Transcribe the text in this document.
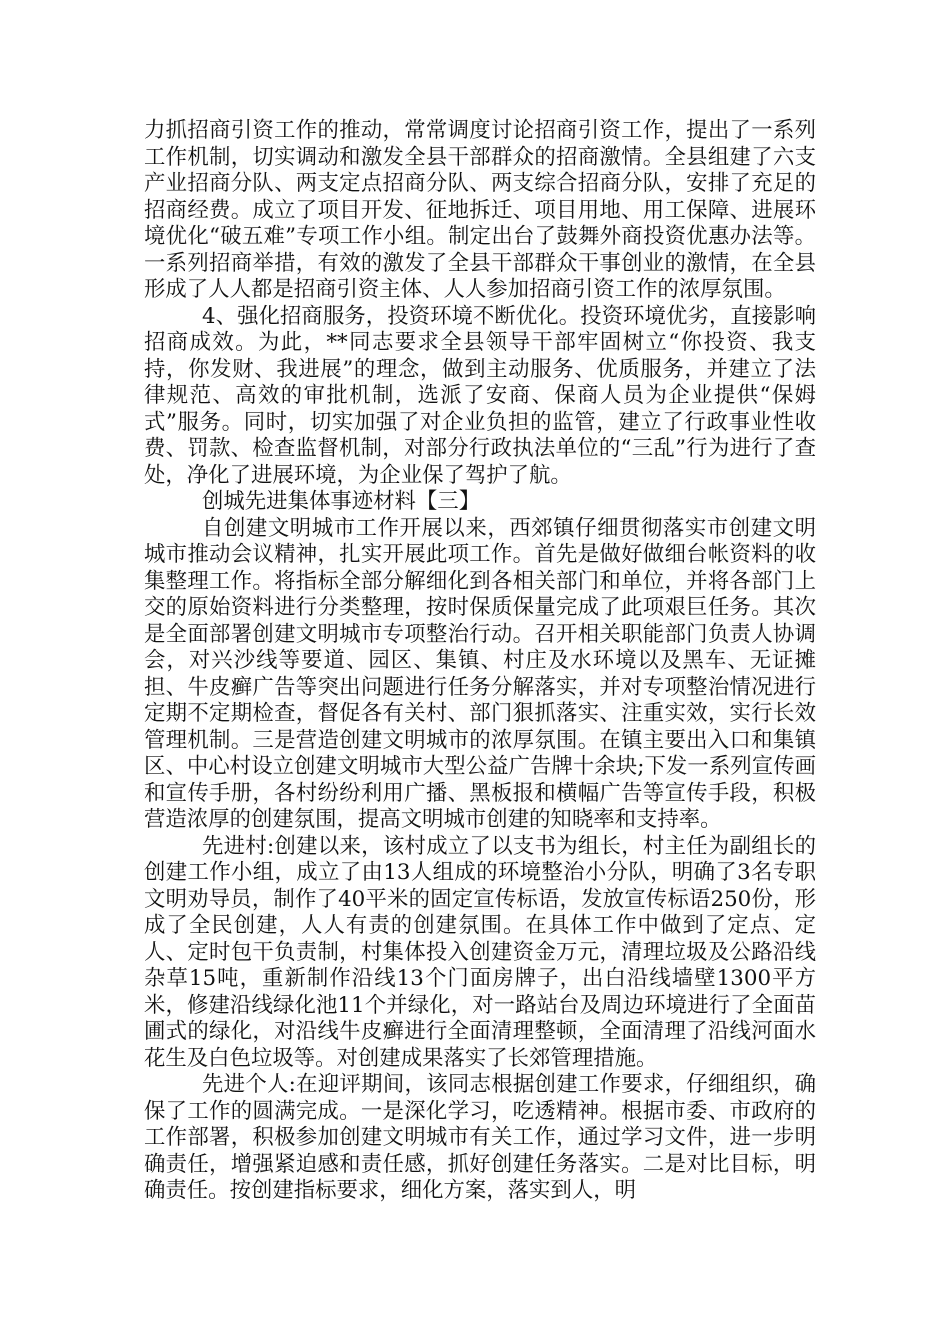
力抓招商引资工作的推动，常常调度讨论招商引资工作，提出了一系列工作机制，切实调动和激发全县干部群众的招商激情。全县组建了六支产业招商分队、两支定点招商分队、两支综合招商分队，安排了充足的招商经费。成立了项目开发、征地拆迁、项目用地、用工保障、进展环境优化“破五难”专项工作小组。制定出台了鼓舞外商投资优惠办法等。一系列招商举措，有效的激发了全县干部群众干事创业的激情，在全县形成了人人都是招商引资主体、人人参加招商引资工作的浓厚氛围。

4、强化招商服务，投资环境不断优化。投资环境优劣，直接影响招商成效。为此，**同志要求全县领导干部牢固树立“你投资、我支持，你发财、我进展”的理念，做到主动服务、优质服务，并建立了法律规范、高效的审批机制，选派了安商、保商人员为企业提供“保姆式”服务。同时，切实加强了对企业负担的监管，建立了行政事业性收费、罚款、检查监督机制，对部分行政执法单位的“三乱”行为进行了查处，净化了进展环境，为企业保了驾护了航。

创城先进集体事迹材料【三】

自创建文明城市工作开展以来，西郊镇仔细贯彻落实市创建文明城市推动会议精神，扎实开展此项工作。首先是做好做细台帐资料的收集整理工作。将指标全部分解细化到各相关部门和单位，并将各部门上交的原始资料进行分类整理，按时保质保量完成了此项艰巨任务。其次是全面部署创建文明城市专项整治行动。召开相关职能部门负责人协调会，对兴沙线等要道、园区、集镇、村庄及水环境以及黑车、无证摊担、牛皮癣广告等突出问题进行任务分解落实，并对专项整治情况进行定期不定期检查，督促各有关村、部门狠抓落实、注重实效，实行长效管理机制。三是营造创建文明城市的浓厚氛围。在镇主要出入口和集镇区、中心村设立创建文明城市大型公益广告牌十余块;下发一系列宣传画和宣传手册，各村纷纷利用广播、黑板报和横幅广告等宣传手段，积极营造浓厚的创建氛围，提高文明城市创建的知晓率和支持率。

先进村:创建以来，该村成立了以支书为组长，村主任为副组长的创建工作小组，成立了由13人组成的环境整治小分队，明确了3名专职文明劝导员，制作了40平米的固定宣传标语，发放宣传标语250份，形成了全民创建，人人有责的创建氛围。在具体工作中做到了定点、定人、定时包干负责制，村集体投入创建资金万元，清理垃圾及公路沿线杂草15吨，重新制作沿线13个门面房牌子，出白沿线墙壁1300平方米，修建沿线绿化池11个并绿化，对一路站台及周边环境进行了全面苗圃式的绿化，对沿线牛皮癣进行全面清理整顿，全面清理了沿线河面水花生及白色垃圾等。对创建成果落实了长郊管理措施。

先进个人:在迎评期间，该同志根据创建工作要求，仔细组织，确保了工作的圆满完成。一是深化学习，吃透精神。根据市委、市政府的工作部署，积极参加创建文明城市有关工作，通过学习文件，进一步明确责任，增强紧迫感和责任感，抓好创建任务落实。二是对比目标，明确责任。按创建指标要求，细化方案，落实到人，明
